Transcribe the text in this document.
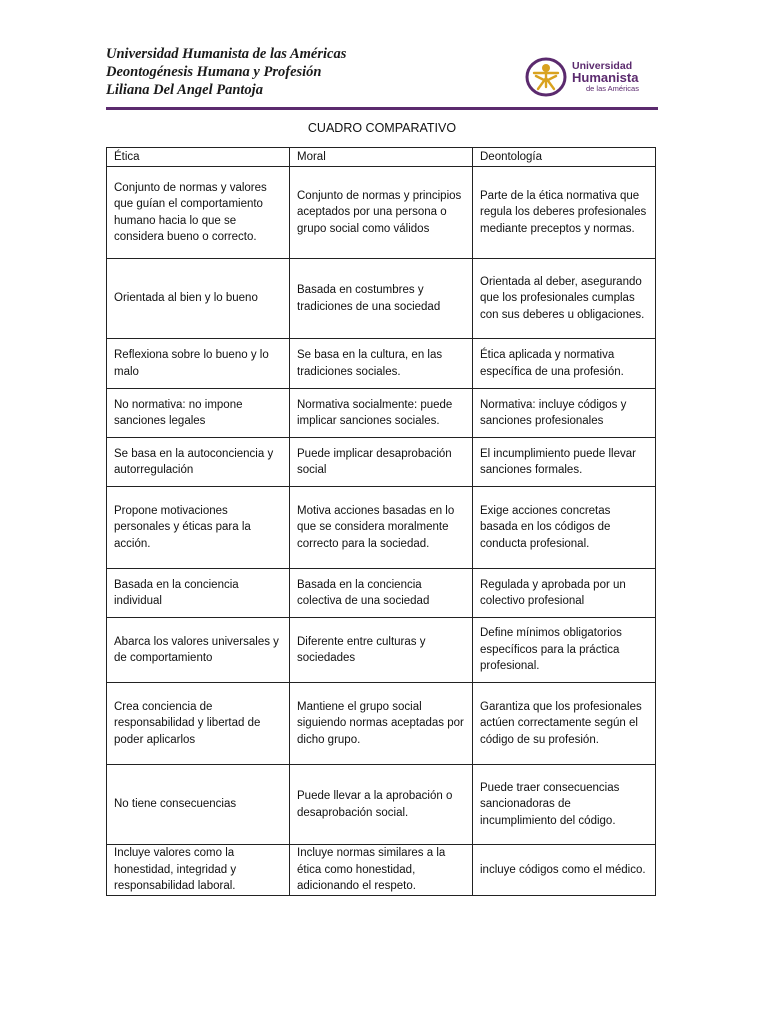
Universidad Humanista de las Américas
Deontogénesis Humana y Profesión
Liliana Del Angel Pantoja
Universidad
Humanista
de las Américas
CUADRO COMPARATIVO
Ética	Moral	Deontología
Conjunto de normas y valores que guían el comportamiento humano hacia lo que se considera bueno o correcto.	Conjunto de normas y principios aceptados por una persona o grupo social como válidos	Parte de la ética normativa que regula los deberes profesionales mediante preceptos y normas.
Orientada al bien y lo bueno	Basada en costumbres y tradiciones de una sociedad	Orientada al deber, asegurando que los profesionales cumplas con sus deberes u obligaciones.
Reflexiona sobre lo bueno y lo malo	Se basa en la cultura, en las tradiciones sociales.	Ética aplicada y normativa específica de una profesión.
No normativa: no impone sanciones legales	Normativa socialmente: puede implicar sanciones sociales.	Normativa: incluye códigos y sanciones profesionales
Se basa en la autoconciencia y autorregulación	Puede implicar desaprobación social	El incumplimiento puede llevar sanciones formales.
Propone motivaciones personales y éticas para la acción.	Motiva acciones basadas en lo que se considera moralmente correcto para la sociedad.	Exige acciones concretas basada en los códigos de conducta profesional.
Basada en la conciencia individual	Basada en la conciencia colectiva de una sociedad	Regulada y aprobada por un colectivo profesional
Abarca los valores universales y de comportamiento	Diferente entre culturas y sociedades	Define mínimos obligatorios específicos para la práctica profesional.
Crea conciencia de responsabilidad y libertad de poder aplicarlos	Mantiene el grupo social siguiendo normas aceptadas por dicho grupo.	Garantiza que los profesionales actúen correctamente según el código de su profesión.
No tiene consecuencias	Puede llevar a la aprobación o desaprobación social.	Puede traer consecuencias sancionadoras de incumplimiento del código.
Incluye valores como la honestidad, integridad y responsabilidad laboral.	Incluye normas similares a la ética como honestidad, adicionando el respeto.	incluye códigos como el médico.
